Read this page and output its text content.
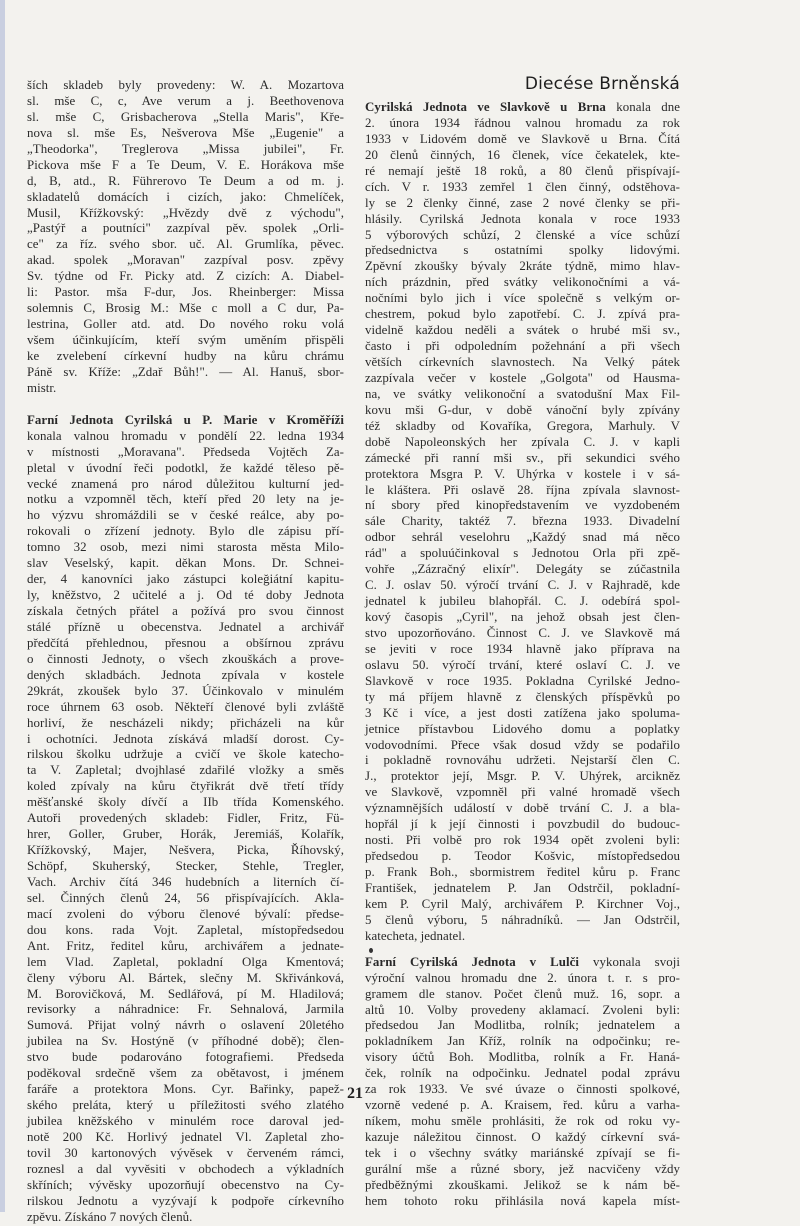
Diecése Brněnská
ších skladeb byly provedeny: W. A. Mozartova
sl. mše C, c, Ave verum a j. Beethovenova
sl. mše C, Grisbacherova „Stella Maris", Kře-
nova sl. mše Es, Nešverova Mše „Eugenie" a
„Theodorka", Treglerova „Missa jubilei", Fr.
Pickova mše F a Te Deum, V. E. Horákova mše
d, B, atd., R. Führerovo Te Deum a od m. j.
skladatelů domácích i cizích, jako: Chmelíček,
Musil, Křížkovský: „Hvězdy dvě z východu",
„Pastýř a poutníci" zazpíval pěv. spolek „Orli-
ce" za říz. svého sbor. uč. Al. Grumlíka, pěvec.
akad. spolek „Moravan" zazpíval posv. zpěvy
Sv. týdne od Fr. Picky atd. Z cizích: A. Diabel-
li: Pastor. mša F-dur, Jos. Rheinberger: Missa
solemnis C, Brosig M.: Mše c moll a C dur, Pa-
lestrina, Goller atd. atd. Do nového roku volá
všem účinkujícím, kteří svým uměním přispěli
ke zvelebení církevní hudby na kůru chrámu
Páně sv. Kříže: „Zdař Bůh!". — Al. Hanuš, sbor-
mistr.
Farní Jednota Cyrilská u P. Marie v Kroměříži
konala valnou hromadu v pondělí 22. ledna 1934
v místnosti „Moravana". Předseda Vojtěch Za-
pletal v úvodní řeči podotkl, že každé těleso pě-
vecké znamená pro národ důležitou kulturní jed-
notku a vzpomněl těch, kteří před 20 lety na je-
ho výzvu shromáždili se v české reálce, aby po-
rokovali o zřízení jednoty. Bylo dle zápisu pří-
tomno 32 osob, mezi nimi starosta města Milo-
slav Veselský, kapit. děkan Mons. Dr. Schnei-
der, 4 kanovníci jako zástupci koleğiátní kapitu-
ly, kněžstvo, 2 učitelé a j. Od té doby Jednota
získala četných přátel a požívá pro svou činnost
stálé přízně u obecenstva. Jednatel a archivář
předčítá přehlednou, přesnou a obšírnou zprávu
o činnosti Jednoty, o všech zkouškách a prove-
dených skladbách. Jednota zpívala v kostele
29krát, zkoušek bylo 37. Účinkovalo v minulém
roce úhrnem 63 osob. Někteří členové byli zvláště
horliví, že nescházeli nikdy; přicházeli na kůr
i ochotníci. Jednota získává mladší dorost. Cy-
rilskou školku udržuje a cvičí ve škole katecho-
ta V. Zapletal; dvojhlasé zdařilé vložky a směs
koled zpívaly na kůru čtyřikrát dvě třetí třídy
měšťanské školy dívčí a IIb třída Komenského.
Autoři provedených skladeb: Fidler, Fritz, Fü-
hrer, Goller, Gruber, Horák, Jeremiáš, Kolařík,
Křížkovský, Majer, Nešvera, Picka, Říhovský,
Schöpf, Skuherský, Stecker, Stehle, Tregler,
Vach. Archiv čítá 346 hudebních a literních čí-
sel. Činných členů 24, 56 přispívajících. Akla-
mací zvoleni do výboru členové bývalí: předse-
dou kons. rada Vojt. Zapletal, místopředsedou
Ant. Fritz, ředitel kůru, archivářem a jednate-
lem Vlad. Zapletal, pokladní Olga Kmentová;
členy výboru Al. Bártek, slečny M. Skřivánková,
M. Borovičková, M. Sedlářová, pí M. Hladilová;
revisorky a náhradnice: Fr. Sehnalová, Jarmila
Sumová. Přijat volný návrh o oslavení 20letého
jubilea na Sv. Hostýně (v příhodné době); člen-
stvo bude podarováno fotografiemi. Předseda
poděkoval srdečně všem za obětavost, i jménem
faráře a protektora Mons. Cyr. Bařinky, papež-
ského preláta, který u příležitosti svého zlatého
jubilea kněžského v minulém roce daroval jed-
notě 200 Kč. Horlivý jednatel Vl. Zapletal zho-
tovil 30 kartonových vývěsek v červeném rámci,
roznesl a dal vyvěsiti v obchodech a výkladních
skříních; vývěsky upozorňují obecenstvo na Cy-
rilskou Jednotu a vyzývají k podpoře církevního
zpěvu. Získáno 7 nových členů.
Cyrilská Jednota ve Slavkově u Brna konala dne
2. února 1934 řádnou valnou hromadu za rok
1933 v Lidovém domě ve Slavkově u Brna. Čítá
20 členů činných, 16 členek, více čekatelek, kte-
ré nemají ještě 18 roků, a 80 členů přispívají-
cích. V r. 1933 zemřel 1 člen činný, odstěhova-
ly se 2 členky činné, zase 2 nové členky se při-
hlásily. Cyrilská Jednota konala v roce 1933
5 výborových schůzí, 2 členské a více schůzí
předsednictva s ostatními spolky lidovými.
Zpěvní zkoušky bývaly 2kráte týdně, mimo hlav-
ních prázdnin, před svátky velikonočními a vá-
nočními bylo jich i více společně s velkým or-
chestrem, pokud bylo zapotřebí. C. J. zpívá pra-
videlně každou neděli a svátek o hrubé mši sv.,
často i při odpoledním požehnání a při všech
větších církevních slavnostech. Na Velký pátek
zazpívala večer v kostele „Golgota" od Hausma-
na, ve svátky velikonoční a svatodušní Max Fil-
kovu mši G-dur, v době vánoční byly zpívány
též skladby od Kovaříka, Gregora, Marhuly. V
době Napoleonských her zpívala C. J. v kapli
zámecké při ranní mši sv., při sekundici svého
protektora Msgra P. V. Uhýrka v kostele i v sá-
le kláštera. Při oslavě 28. října zpívala slavnost-
ní sbory před kinopředstavením ve vyzdobeném
sále Charity, taktéž 7. března 1933. Divadelní
odbor sehrál veselohru „Každý snad má něco
rád" a spoluúčinkoval s Jednotou Orla při zpě-
vohře „Zázračný elixír". Delegáty se zúčastnila
C. J. oslav 50. výročí trvání C. J. v Rajhradě, kde
jednatel k jubileu blahopřál. C. J. odebírá spol-
kový časopis „Cyril", na jehož obsah jest člen-
stvo upozorňováno. Činnost C. J. ve Slavkově má
se jeviti v roce 1934 hlavně jako příprava na
oslavu 50. výročí trvání, které oslaví C. J. ve
Slavkově v roce 1935. Pokladna Cyrilské Jedno-
ty má příjem hlavně z členských příspěvků po
3 Kč i více, a jest dosti zatížena jako spoluma-
jetnice přístavbou Lidového domu a poplatky
vodovodními. Přece však dosud vždy se podařilo
i pokladně rovnováhu udržeti. Nejstarší člen C.
J., protektor její, Msgr. P. V. Uhýrek, arcikněz
ve Slavkově, vzpomněl při valné hromadě všech
významnějších událostí v době trvání C. J. a bla-
hopřál jí k její činnosti i povzbudil do budouc-
nosti. Při volbě pro rok 1934 opět zvoleni byli:
předsedou p. Teodor Košvic, místopředsedou
p. Frank Boh., sbormistrem ředitel kůru p. Franc
František, jednatelem P. Jan Odstrčil, pokladní-
kem P. Cyril Malý, archivářem P. Kirchner Voj.,
5 členů výboru, 5 náhradníků. — Jan Odstrčil,
katecheta, jednatel.
Farní Cyrilská Jednota v Lulči vykonala svoji
výroční valnou hromadu dne 2. února t. r. s pro-
gramem dle stanov. Počet členů muž. 16, sopr. a
altů 10. Volby provedeny aklamací. Zvoleni byli:
předsedou Jan Modlitba, rolník; jednatelem a
pokladníkem Jan Kříž, rolník na odpočinku; re-
visory účtů Boh. Modlitba, rolník a Fr. Haná-
ček, rolník na odpočinku. Jednatel podal zprávu
za rok 1933. Ve své úvaze o činnosti spolkové,
vzorně vedené p. A. Kraisem, řed. kůru a varha-
níkem, mohu směle prohlásiti, že rok od roku vy-
kazuje náležitou činnost. O každý církevní svá-
tek i o všechny svátky mariánské zpívají se fi-
gurální mše a různé sbory, jež nacvičeny vždy
předběžnými zkouškami. Jelikož se k nám bě-
hem tohoto roku přihlásila nová kapela míst-
21
